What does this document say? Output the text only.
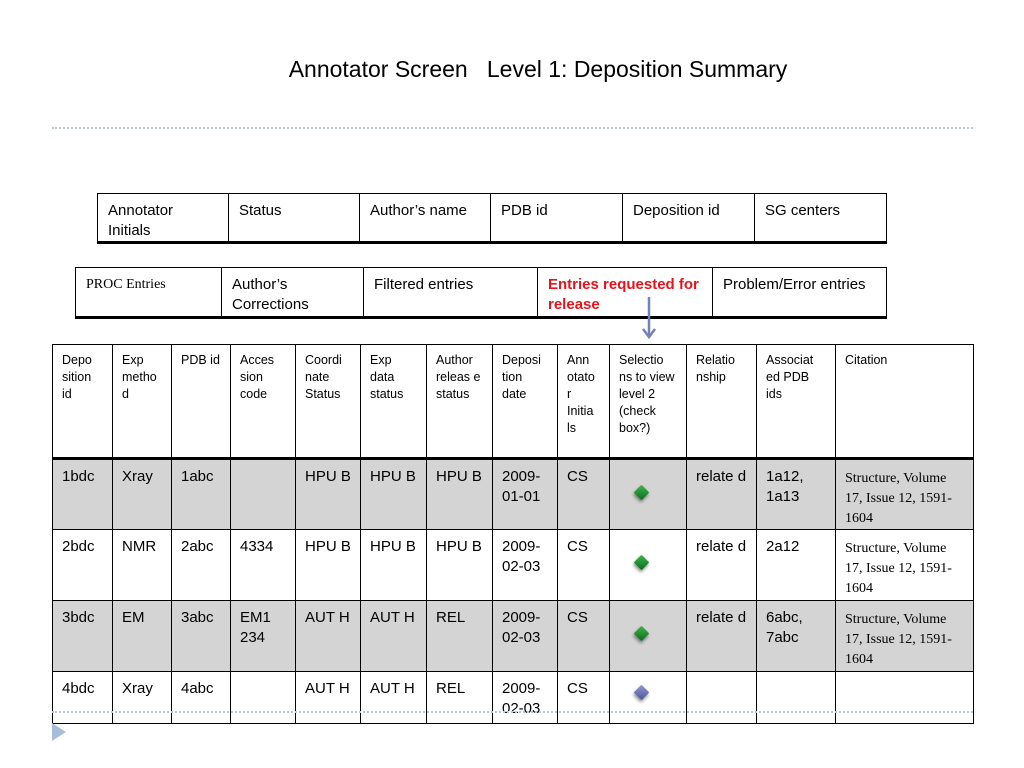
Annotator Screen   Level 1: Deposition Summary
Annotator Initials	Status	Author’s name	PDB id	Deposition id	SG centers
PROC Entries	Author’s Corrections	Filtered entries	Entries requested for release	Problem/Error entries
Depo sition id	Exp metho d	PDB id	Acces sion code	Coordi nate Status	Exp data status	Author releas e status	Deposi tion date	Ann otato r Initia ls	Selectio ns to view level 2 (check box?)	Relatio nship	Associat ed PDB ids	Citation
1bdc	Xray	1abc		HPU B	HPU B	HPU B	2009- 01-01	CS		relate d	1a12, 1a13	Structure, Volume 17, Issue 12, 1591-1604
2bdc	NMR	2abc	4334	HPU B	HPU B	HPU B	2009- 02-03	CS		relate d	2a12	Structure, Volume 17, Issue 12, 1591-1604
3bdc	EM	3abc	EM1 234	AUT H	AUT H	REL	2009- 02-03	CS		relate d	6abc, 7abc	Structure, Volume 17, Issue 12, 1591-1604
4bdc	Xray	4abc		AUT H	AUT H	REL	2009- 02-03	CS	
